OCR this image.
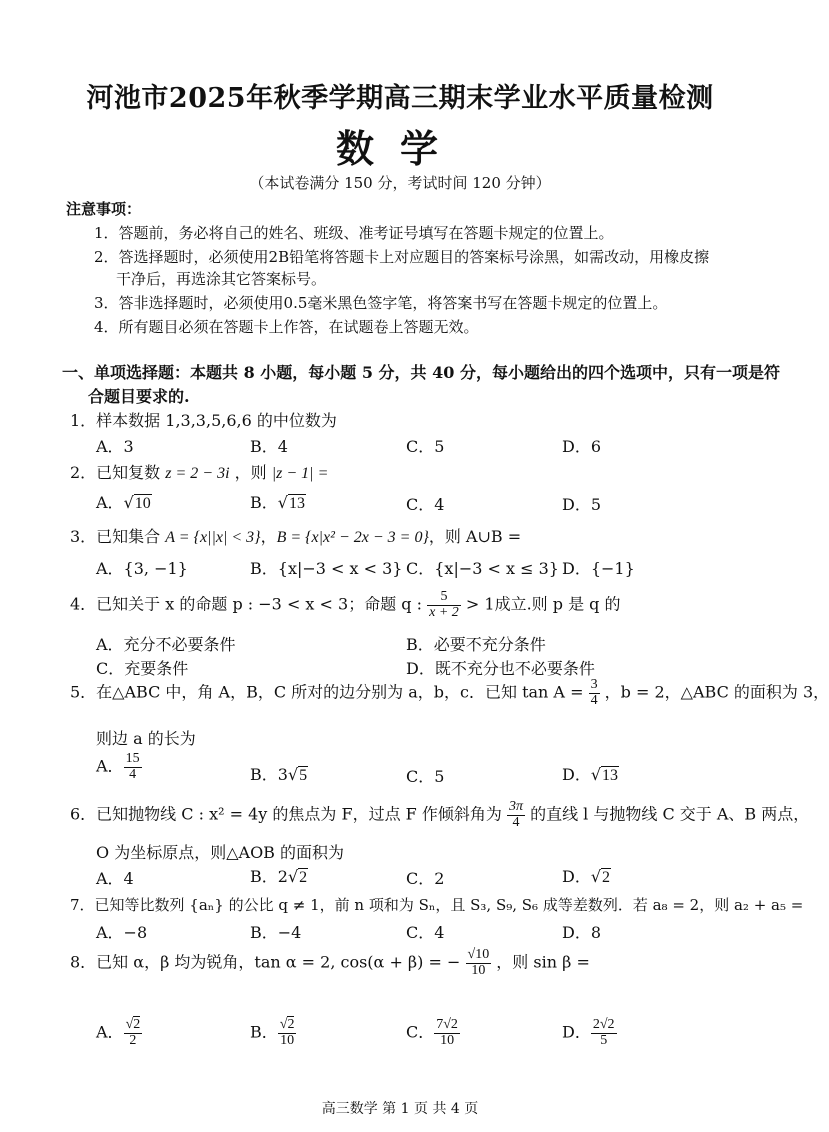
河池市2025年秋季学期高三期末学业水平质量检测
数学
（本试卷满分 150 分，考试时间 120 分钟）
注意事项：
1．答题前，务必将自己的姓名、班级、准考证号填写在答题卡规定的位置上。
2．答选择题时，必须使用2B铅笔将答题卡上对应题目的答案标号涂黑，如需改动，用橡皮擦
干净后，再选涂其它答案标号。
3．答非选择题时，必须使用0.5毫米黑色签字笔，将答案书写在答题卡规定的位置上。
4．所有题目必须在答题卡上作答，在试题卷上答题无效。
一、单项选择题：本题共 8 小题，每小题 5 分，共 40 分，每小题给出的四个选项中，只有一项是符
合题目要求的.
1．样本数据 1,3,3,5,6,6 的中位数为
A．3	B．4	C．5	D．6
2．已知复数 z = 2 − 3i ，则 |z − 1| =
A．√10	B．√13	C．4	D．5
3．已知集合 A = {x||x| < 3}，B = {x|x² − 2x − 3 = 0}，则 A∪B =
A．{3, −1}	B．{x|−3 < x < 3} C．{x|−3 < x ≤ 3} D．{−1}
4．已知关于 x 的命题 p : −3 < x < 3；命题 q : $\frac{5}{x + 2} > 1$成立.则 p 是 q 的
A．充分不必要条件	B．必要不充分条件
C．充要条件	D．既不充分也不必要条件
5．在△ABC 中，角 A，B，C 所对的边分别为 a，b，c．已知 $\tan A = \frac{3}{4}$ ，b = 2，△ABC 的面积为 3，
则边 a 的长为
A． $\frac{15}{4}$	B．3√5	C．5	D．√13
6．已知抛物线 C : x² = 4y 的焦点为 F，过点 F 作倾斜角为 $\frac{3\pi}{4}$ 的直线 l 与抛物线 C 交于 A、B 两点，
O 为坐标原点，则△AOB 的面积为
A．4	B．2√2	C．2	D．√2
7．已知等比数列 {aₙ} 的公比 q ≠ 1，前 n 项和为 Sₙ，且 S₃, S₉, S₆ 成等差数列．若 a₈ = 2，则 a₂ + a₅ =
A．−8	B．−4	C．4	D．8
8．已知 α，β 均为锐角，tan α = 2, cos(α + β) = − $\frac{√10}{10}$ ，则 sin β =
A． $\frac{√2}{2}$	B． $\frac{√2}{10}$	C． $\frac{7√2}{10}$	D． $\frac{2√2}{5}$
高三数学 第 1 页 共 4 页
